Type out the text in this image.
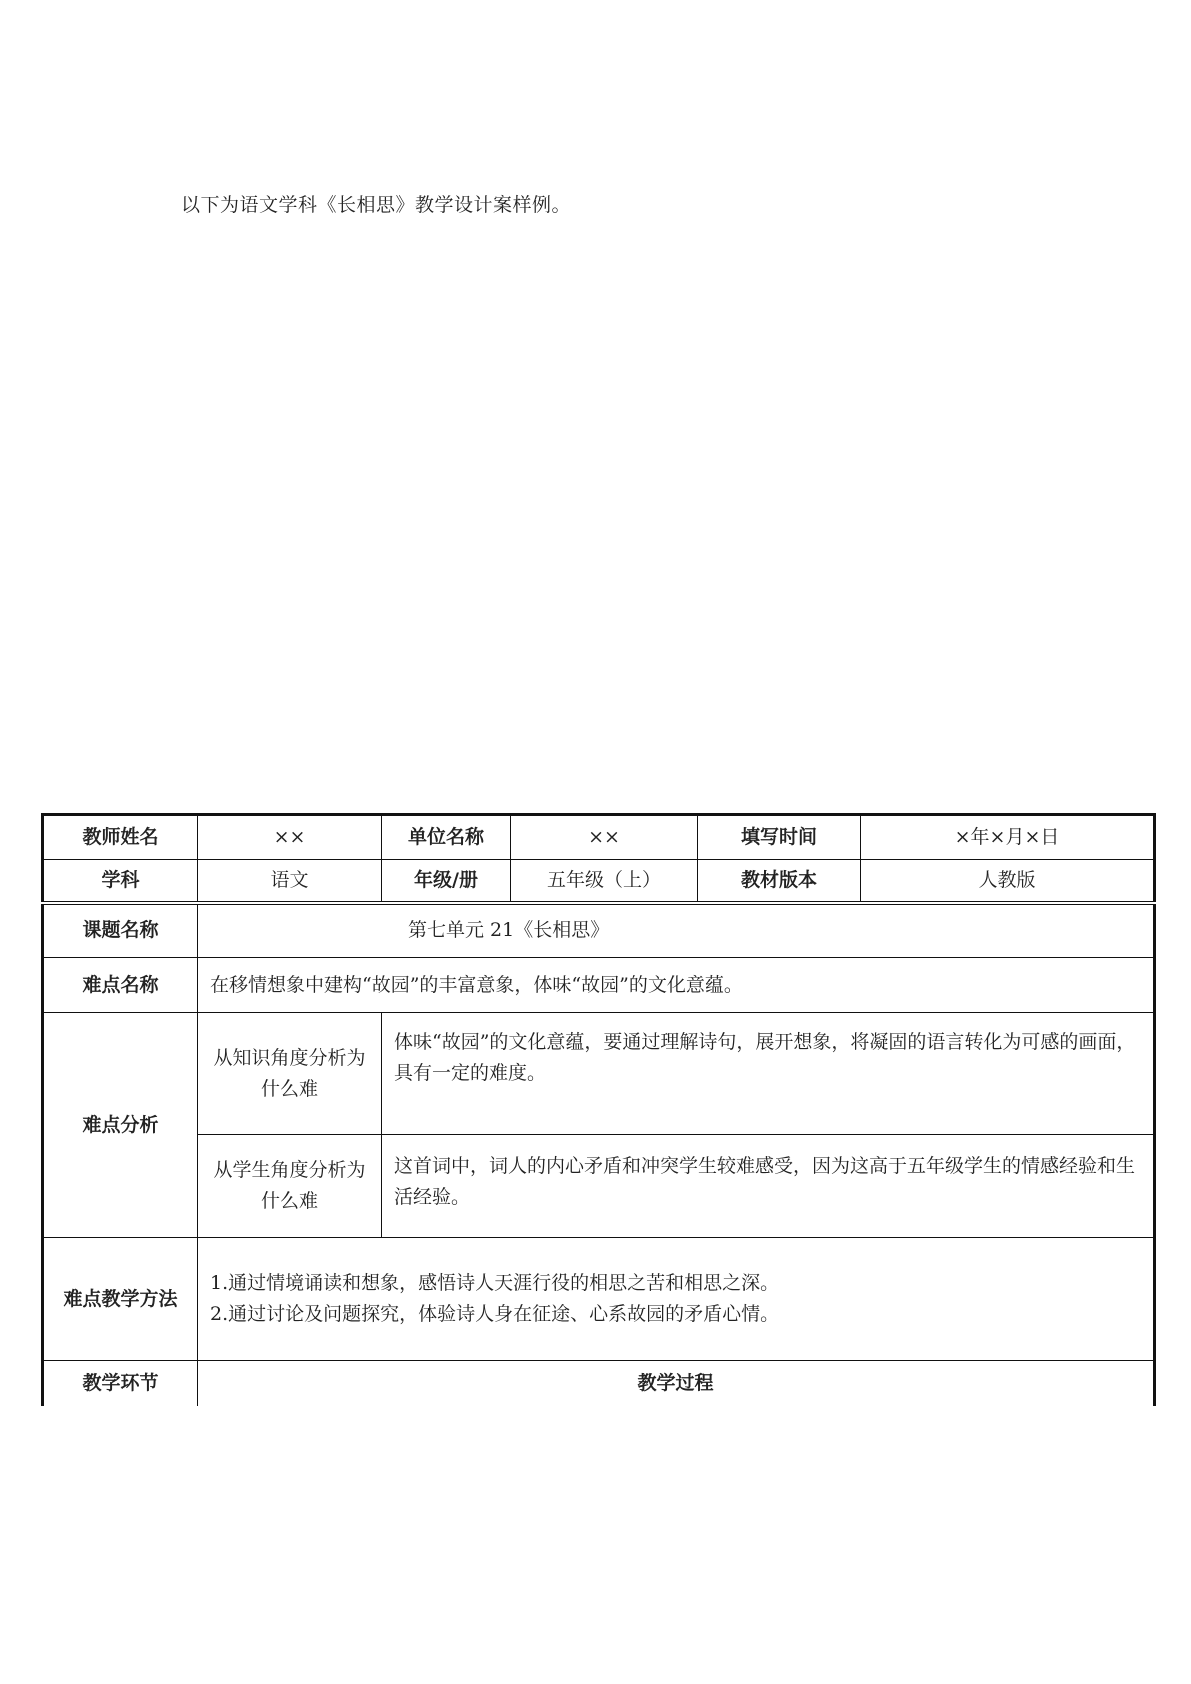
以下为语文学科《长相思》教学设计案样例。
教师姓名	××	单位名称	××	填写时间	×年×月×日
学科	语文	年级/册	五年级（上）	教材版本	人教版
课题名称	第七单元 21《长相思》				
难点名称	在移情想象中建构“故园”的丰富意象，体味“故园”的文化意蕴。				
难点分析	从知识角度分析为什么难	体味“故园”的文化意蕴，要通过理解诗句，展开想象，将凝固的语言转化为可感的画面，具有一定的难度。			
	从学生角度分析为什么难	这首词中，词人的内心矛盾和冲突学生较难感受，因为这高于五年级学生的情感经验和生活经验。			
难点教学方法	1.通过情境诵读和想象，感悟诗人天涯行役的相思之苦和相思之深。
2.通过讨论及问题探究，体验诗人身在征途、心系故园的矛盾心情。				

教学环节	教学过程				
